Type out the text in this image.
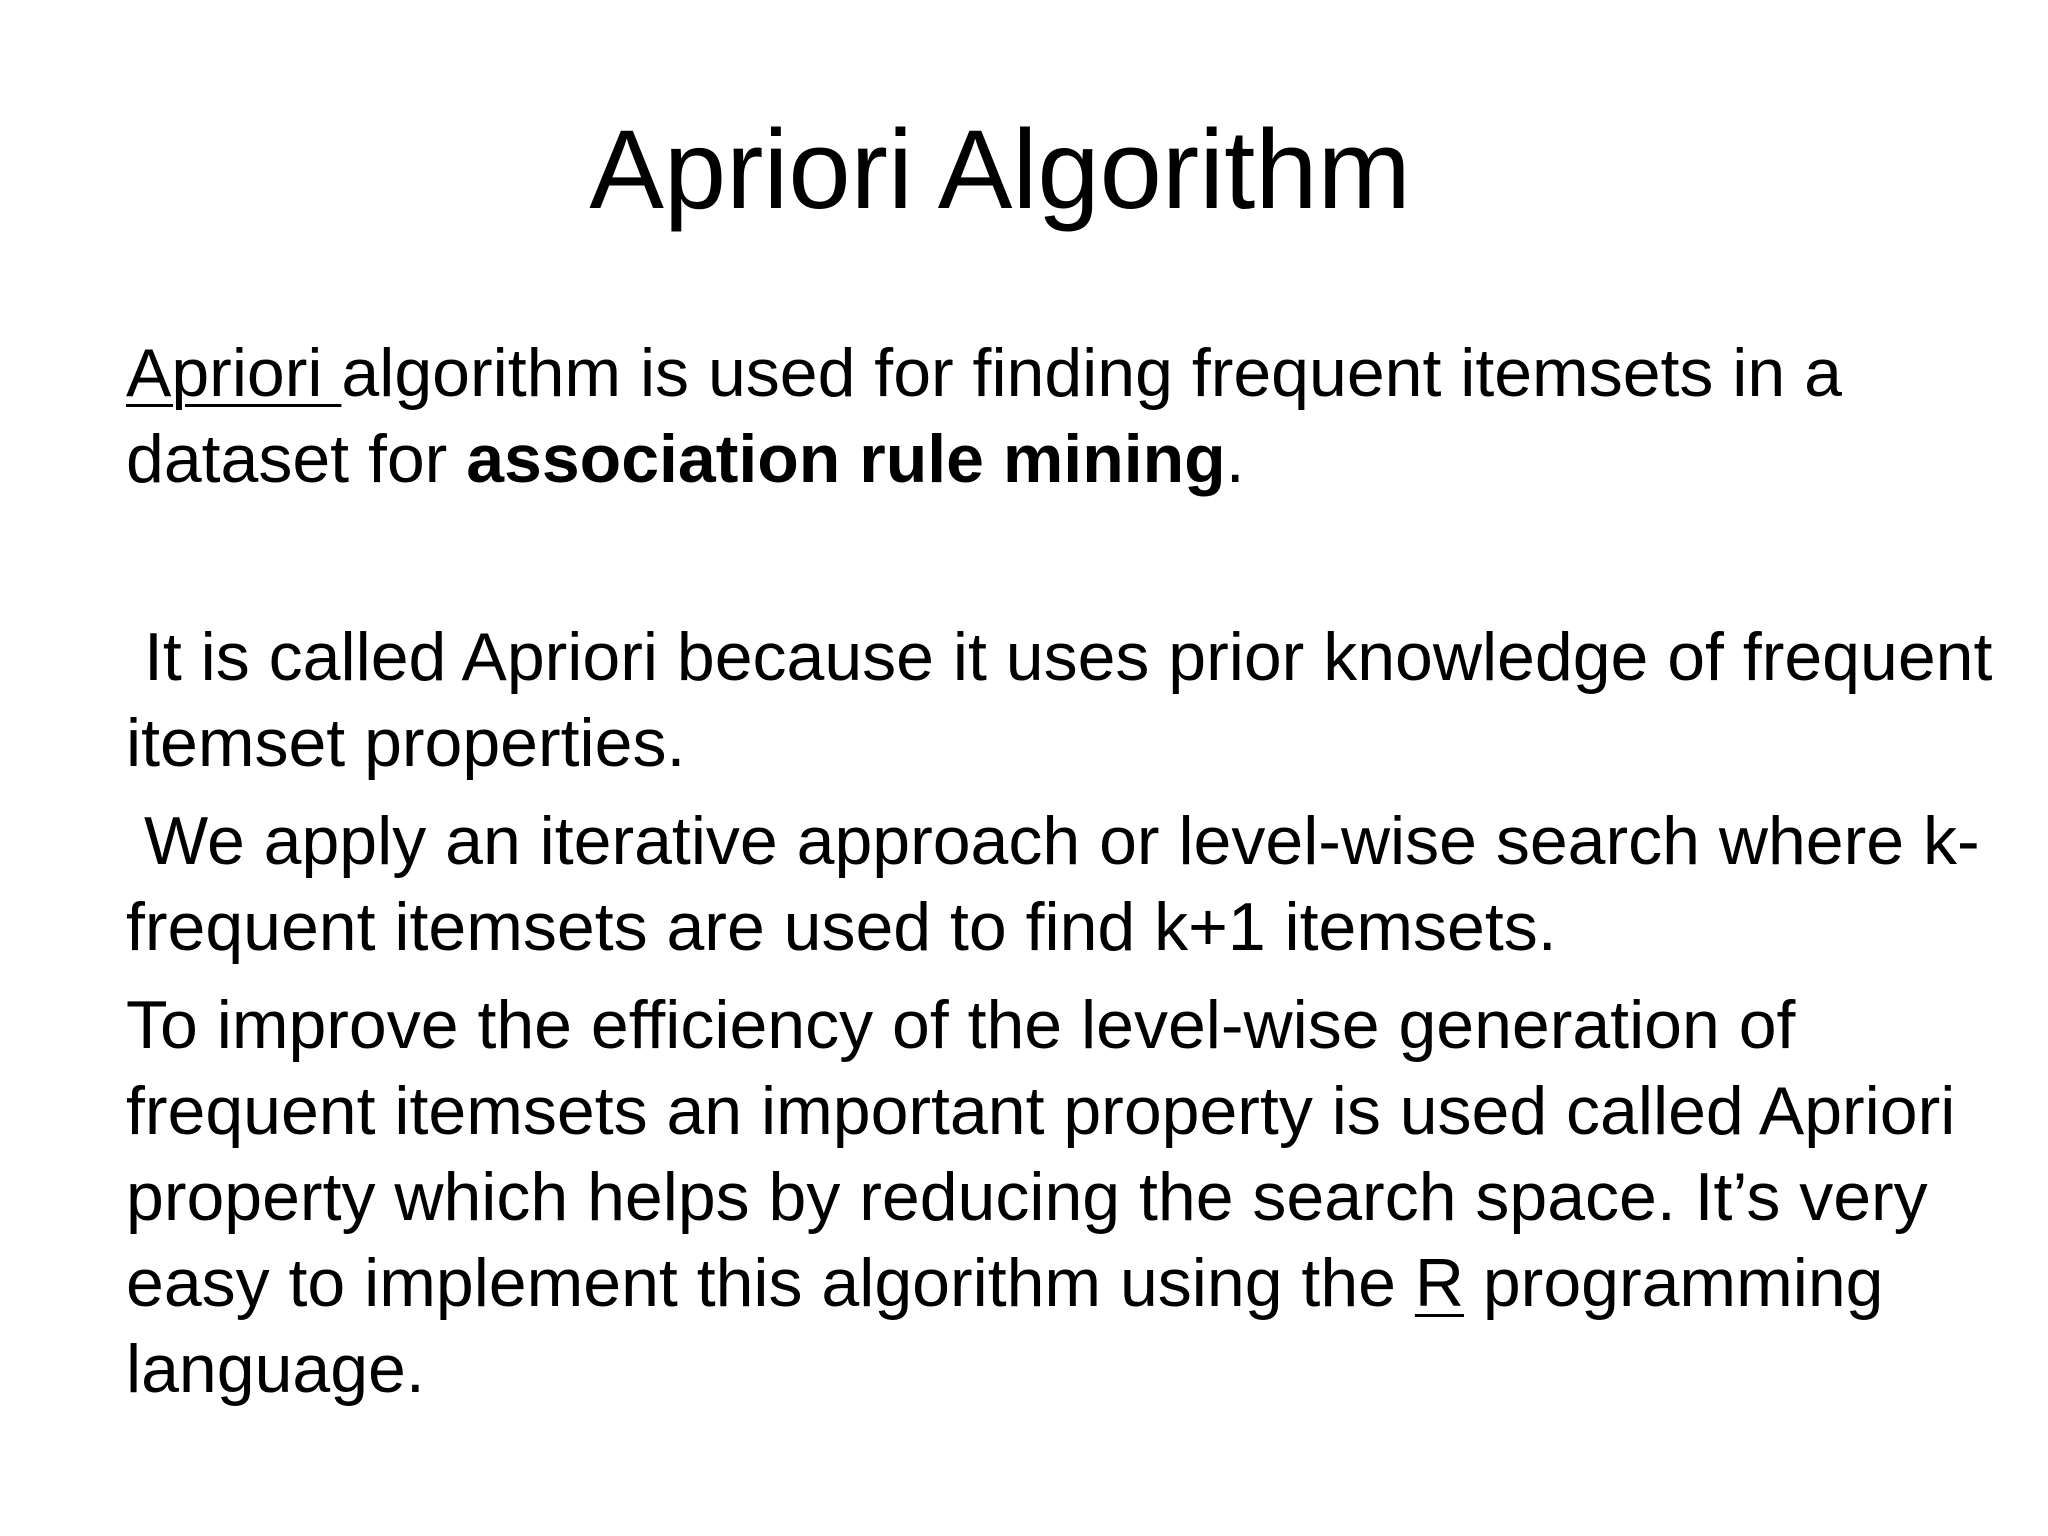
Apriori Algorithm

Apriori algorithm is used for finding frequent itemsets in a dataset for association rule mining.

It is called Apriori because it uses prior knowledge of frequent itemset properties.

We apply an iterative approach or level-wise search where k-frequent itemsets are used to find k+1 itemsets.

To improve the efficiency of the level-wise generation of frequent itemsets an important property is used called Apriori property which helps by reducing the search space. It’s very easy to implement this algorithm using the R programming language.
